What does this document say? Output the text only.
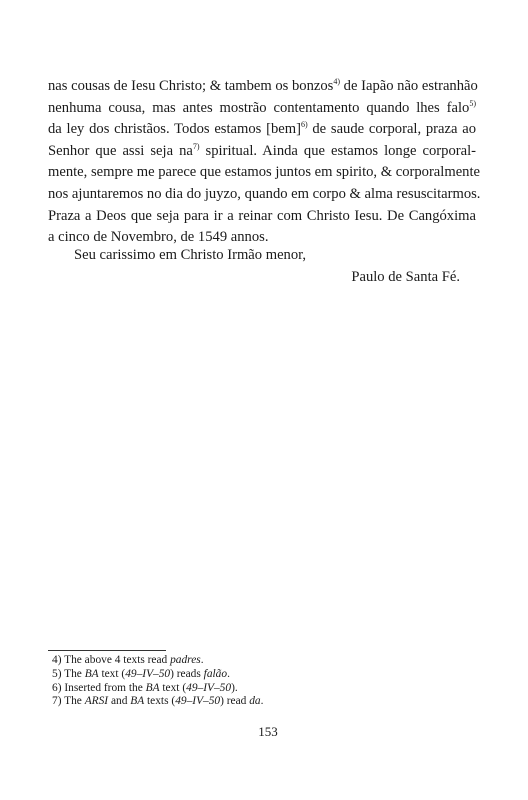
nas cousas de Iesu Christo; & tambem os bonzos$^{4)}$ de Iapão não estranhão
nenhuma cousa, mas antes mostrão contentamento quando lhes falo$^{5)}$
da ley dos christãos. Todos estamos [bem]$^{6)}$ de saude corporal, praza ao
Senhor que assi seja $na^{7)}$ spiritual. Ainda que estamos longe corporal-
mente, sempre me parece que estamos juntos em spirito, & corporalmente
nos ajuntaremos no dia do juyzo, quando em corpo & alma resuscitarmos.
Praza a Deos que seja para ir a reinar com Christo Iesu. De Cangóxima
a cinco de Novembro, de 1549 annos.
Seu carissimo em Christo Irmão menor,
Paulo de Santa Fé.
4) The above 4 texts read padres.
5) The BA text (49–IV–50) reads falão.
6) Inserted from the BA text (49–IV–50).
7) The ARSI and BA texts (49–IV–50) read da.
153
